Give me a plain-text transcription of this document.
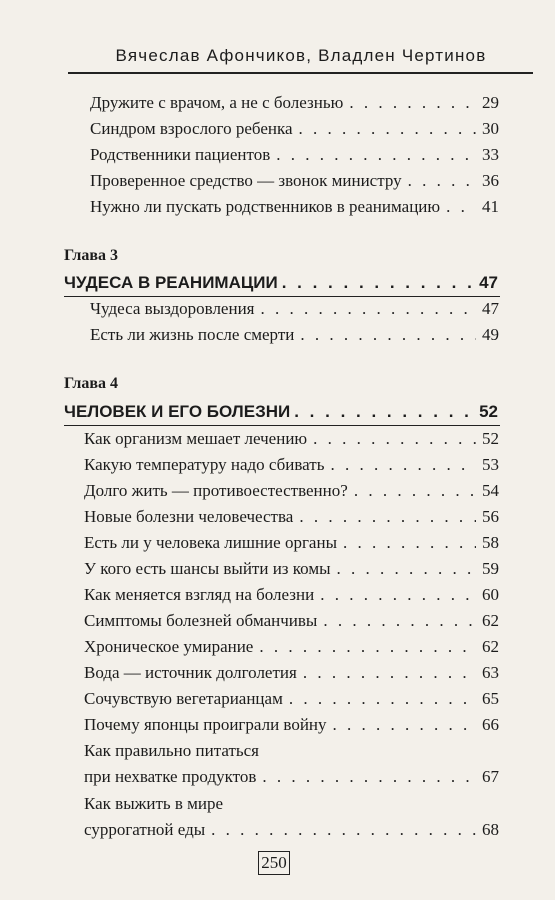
Вячеслав Афончиков, Владлен Чертинов
Дружите с врачом, а не с болезнью . . .	29
Синдром взрослого ребенка . . .	30
Родственники пациентов . . .	33
Проверенное средство — звонок министру . . .	36
Нужно ли пускать родственников в реанимацию . . . 41
Глава 3
ЧУДЕСА В РЕАНИМАЦИИ . . .	47
Чудеса выздоровления . . .	47
Есть ли жизнь после смерти . . .	49
Глава 4
ЧЕЛОВЕК И ЕГО БОЛЕЗНИ . . .	52
Как организм мешает лечению . . .	52
Какую температуру надо сбивать . . .	53
Долго жить — противоестественно? . . .	54
Новые болезни человечества . . .	56
Есть ли у человека лишние органы . . .	58
У кого есть шансы выйти из комы . . .	59
Как меняется взгляд на болезни . . .	60
Симптомы болезней обманчивы . . .	62
Хроническое умирание . . .	62
Вода — источник долголетия . . .	63
Сочувствую вегетарианцам . . .	65
Почему японцы проиграли войну . . .	66
Как правильно питаться
при нехватке продуктов . . .	67
Как выжить в мире
суррогатной еды . . .	68
250
